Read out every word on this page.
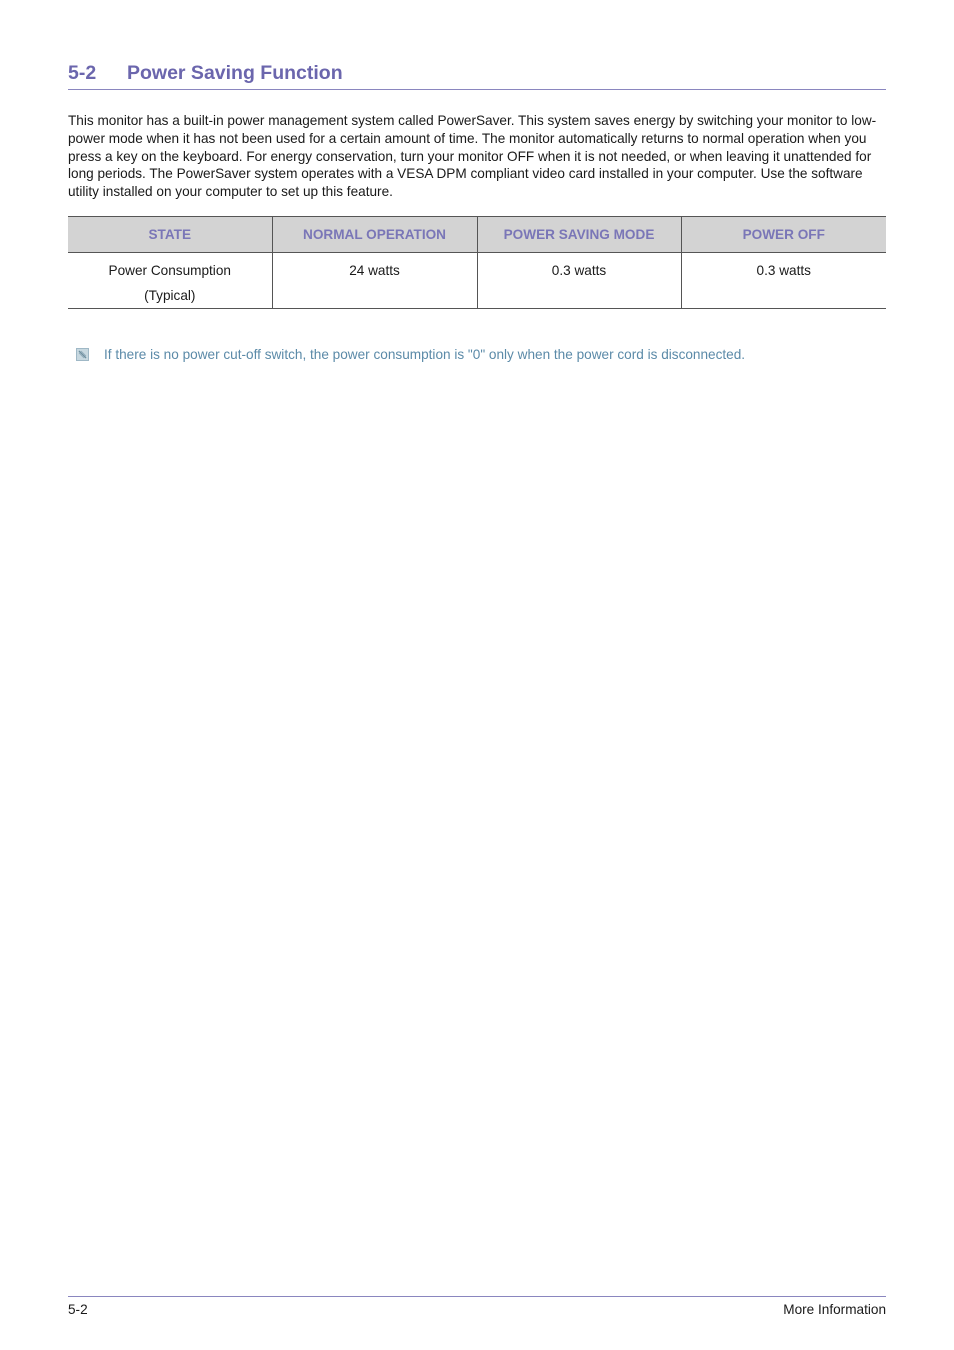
5-2	Power Saving Function

This monitor has a built-in power management system called PowerSaver. This system saves energy by switching your monitor to low-power mode when it has not been used for a certain amount of time. The monitor automatically returns to normal operation when you press a key on the keyboard. For energy conservation, turn your monitor OFF when it is not needed, or when leaving it unattended for long periods. The PowerSaver system operates with a VESA DPM compliant video card installed in your computer. Use the software utility installed on your computer to set up this feature.

STATE	NORMAL OPERATION	POWER SAVING MODE	POWER OFF

Power Consumption
(Typical)	24 watts	0.3 watts	0.3 watts
If there is no power cut-off switch, the power consumption is "0" only when the power cord is disconnected.
5-2	More Information
